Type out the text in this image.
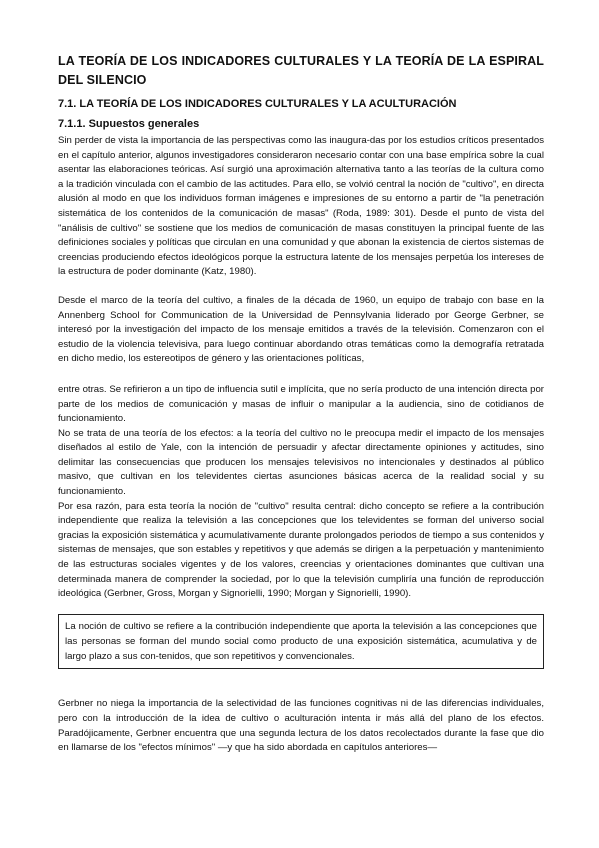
LA TEORÍA DE LOS INDICADORES CULTURALES Y LA TEORÍA DE LA ESPIRAL DEL SILENCIO
7.1. LA TEORÍA DE LOS INDICADORES CULTURALES Y LA ACULTURACIÓN
7.1.1. Supuestos generales

Sin perder de vista la importancia de las perspectivas como las inaugura-das por los estudios críticos presentados en el capítulo anterior, algunos investigadores consideraron necesario contar con una base empírica sobre la cual asentar las elaboraciones teóricas. Así surgió una aproximación alternativa tanto a las teorías de la cultura como a la tradición vinculada con el cambio de las actitudes. Para ello, se volvió central la noción de "cultivo", en directa alusión al modo en que los individuos forman imágenes e impresiones de su entorno a partir de "la penetración sistemática de los contenidos de la comunicación de masas" (Roda, 1989: 301). Desde el punto de vista del "análisis de cultivo" se sostiene que los medios de comunicación de masas constituyen la principal fuente de las definiciones sociales y políticas que circulan en una comunidad y que abonan la existencia de ciertos sistemas de creencias produciendo efectos ideológicos porque la estructura latente de los mensajes perpetúa los intereses de la estructura de poder dominante (Katz, 1980).

Desde el marco de la teoría del cultivo, a finales de la década de 1960, un equipo de trabajo con base en la Annenberg School for Communication de la Universidad de Pennsylvania liderado por George Gerbner, se interesó por la investigación del impacto de los mensaje emitidos a través de la televisión. Comenzaron con el estudio de la violencia televisiva, para luego continuar abordando otras temáticas como la demografía retratada en dicho medio, los estereotipos de género y las orientaciones políticas,

entre otras. Se refirieron a un tipo de influencia sutil e implícita, que no sería producto de una intención directa por parte de los medios de comunicación y masas de influir o manipular a la audiencia, sino de cotidianos de funcionamiento.

No se trata de una teoría de los efectos: a la teoría del cultivo no le preocupa medir el impacto de los mensajes diseñados al estilo de Yale, con la intención de persuadir y afectar directamente opiniones y actitudes, sino delimitar las consecuencias que producen los mensajes televisivos no intencionales y destinados al público masivo, que cultivan en los televidentes ciertas asunciones básicas acerca de la realidad social y su funcionamiento.

Por esa razón, para esta teoría la noción de "cultivo" resulta central: dicho concepto se refiere a la contribución independiente que realiza la televisión a las concepciones que los televidentes se forman del universo social gracias la exposición sistemática y acumulativamente durante prolongados periodos de tiempo a sus contenidos y sistemas de mensajes, que son estables y repetitivos y que además se dirigen a la perpetuación y mantenimiento de las estructuras sociales vigentes y de los valores, creencias y orientaciones dominantes que cultivan una determinada manera de comprender la sociedad, por lo que la televisión cumpliría una función de reproducción ideológica (Gerbner, Gross, Morgan y Signorielli, 1990; Morgan y Signorielli, 1990).

La noción de cultivo se refiere a la contribución independiente que aporta la televisión a las concepciones que las personas se forman del mundo social como producto de una exposición sistemática, acumulativa y de largo plazo a sus con-tenidos, que son repetitivos y convencionales.

Gerbner no niega la importancia de la selectividad de las funciones cognitivas ni de las diferencias individuales, pero con la introducción de la idea de cultivo o aculturación intenta ir más allá del plano de los efectos. Paradójicamente, Gerbner encuentra que una segunda lectura de los datos recolectados durante la fase que dio en llamarse de los "efectos mínimos" —y que ha sido abordada en capítulos anteriores—
